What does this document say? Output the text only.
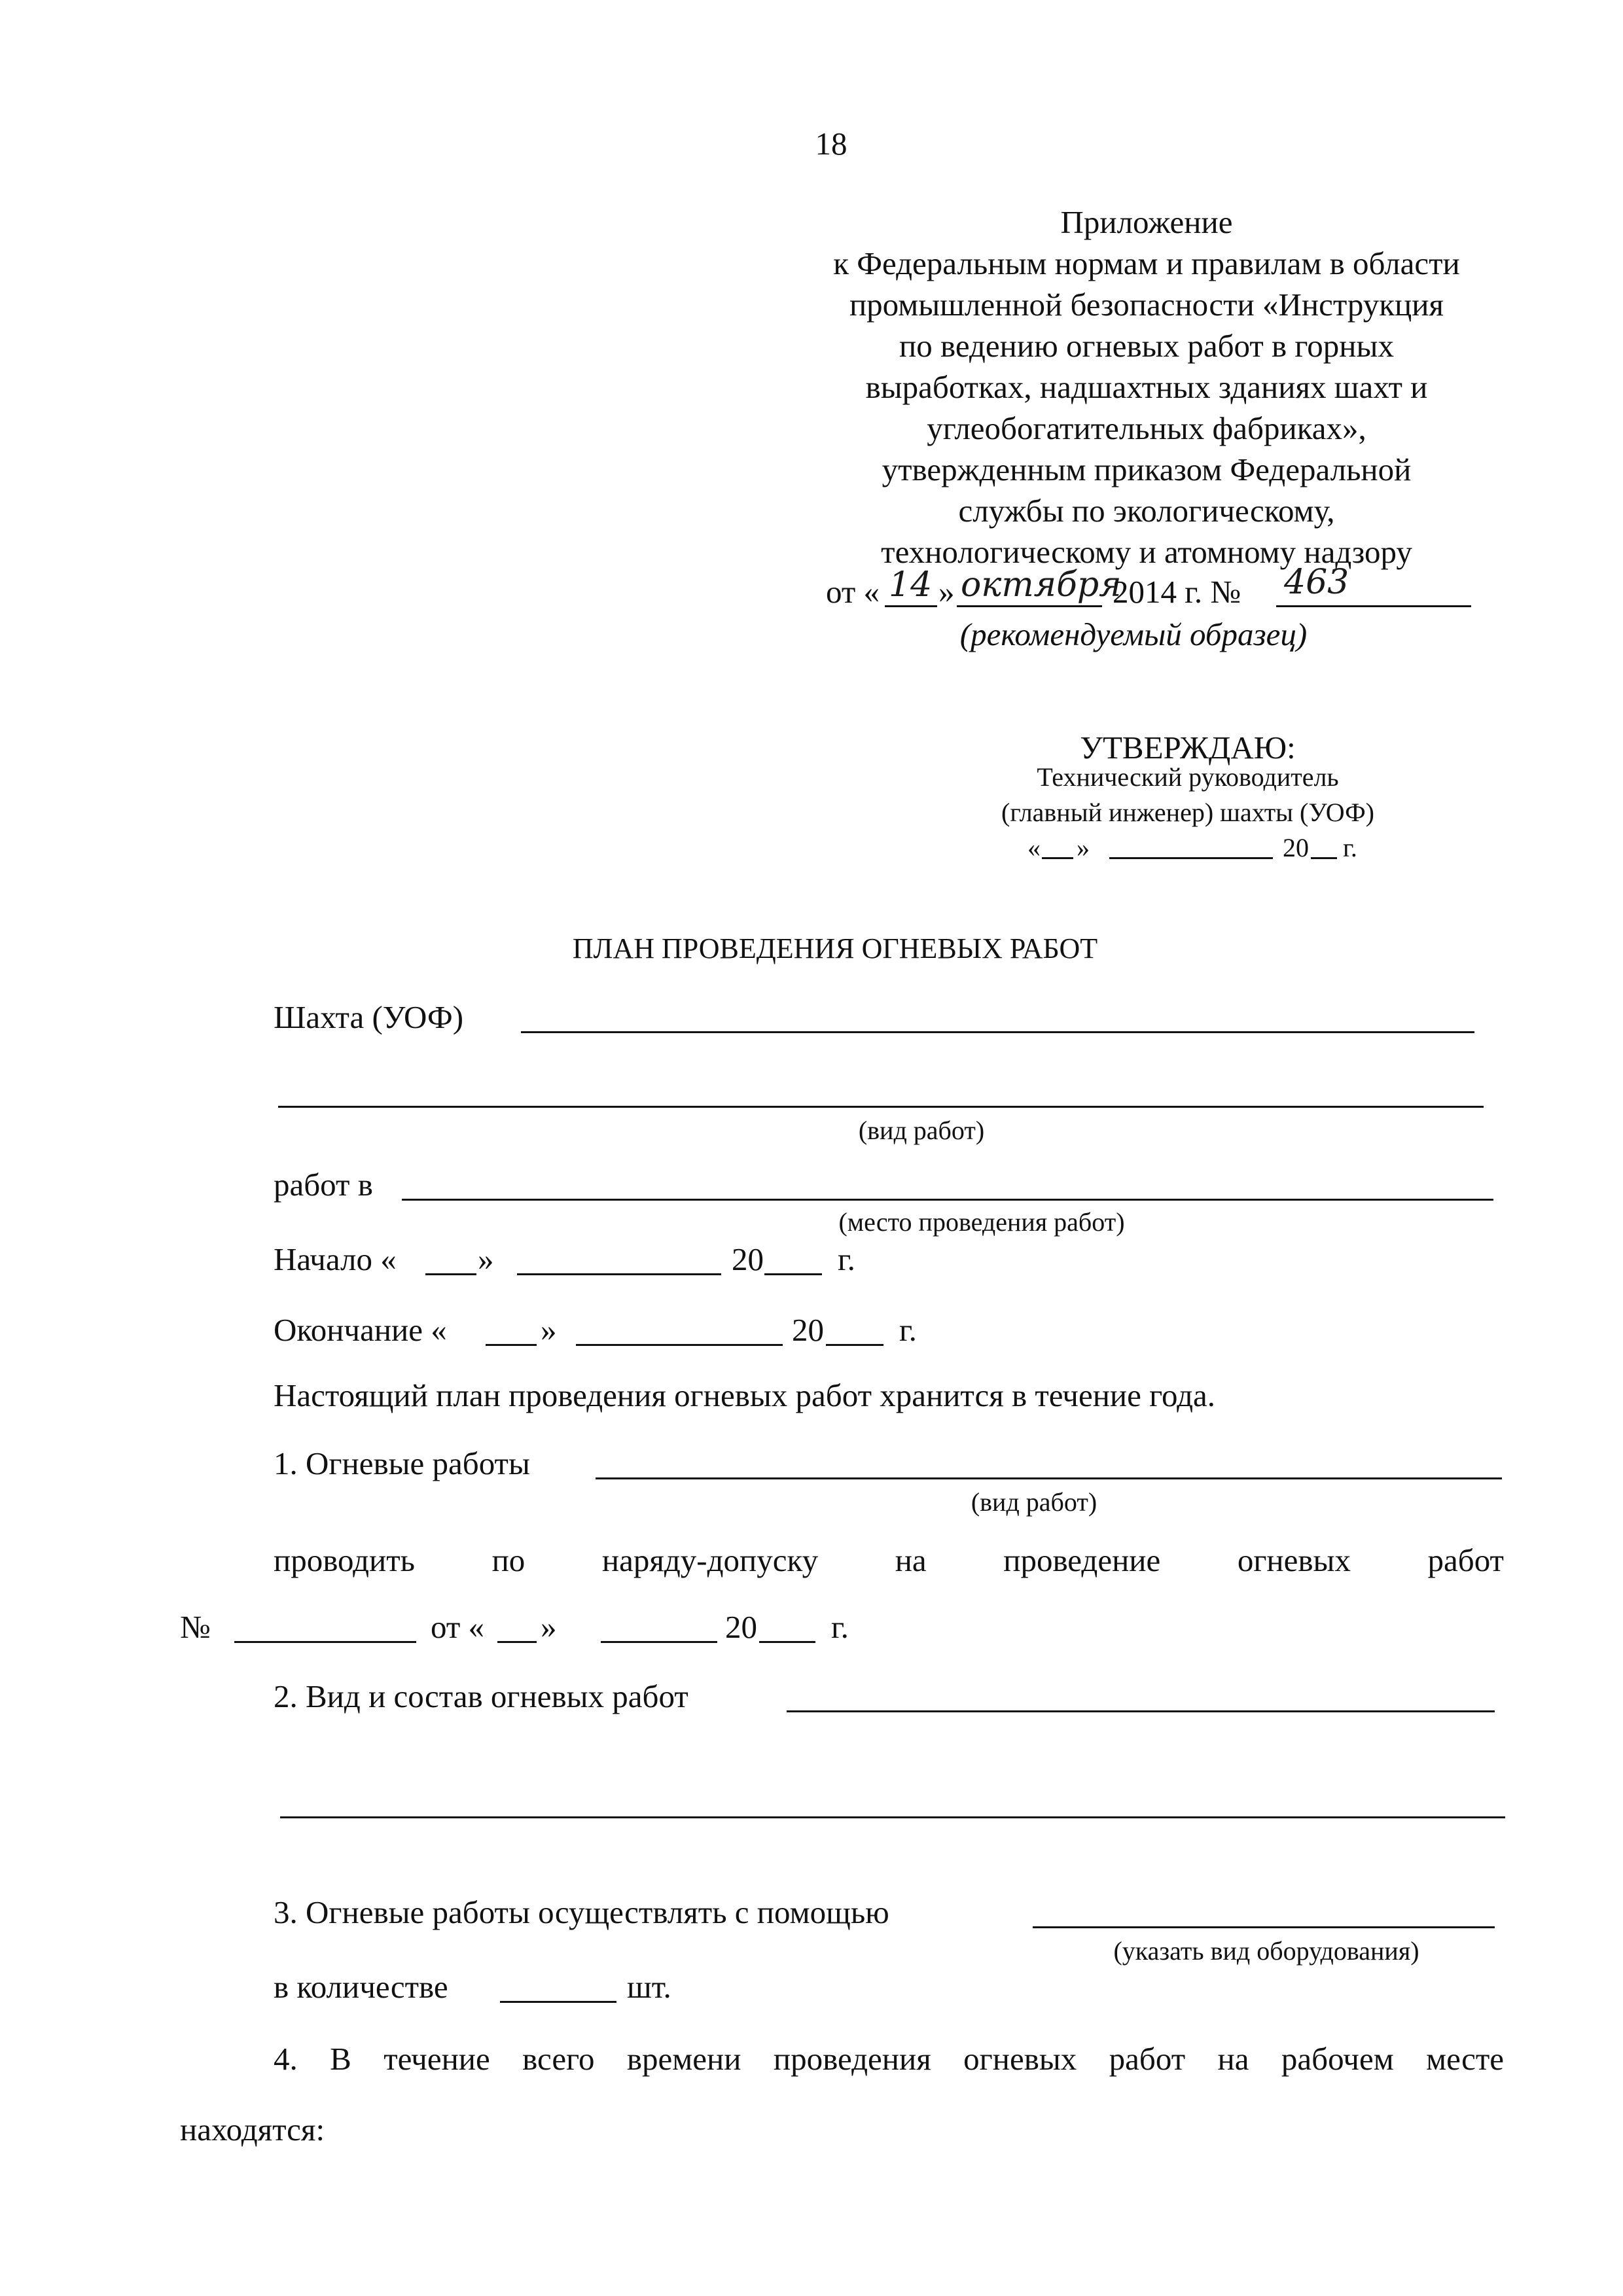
18
Приложение
к Федеральным нормам и правилам в области
промышленной безопасности «Инструкция
по ведению огневых работ в горных
выработках, надшахтных зданиях шахт и
углеобогатительных фабриках»,
утвержденным приказом Федеральной
службы по экологическому,
технологическому и атомному надзору
от « 14 » октября
2014 г. № 463
(рекомендуемый образец)
УТВЕРЖДАЮ:
Технический руководитель
(главный инженер) шахты (УОФ)
« »	20 г.
ПЛАН ПРОВЕДЕНИЯ ОГНЕВЫХ РАБОТ
Шахта (УОФ)
(вид работ)
работ в
(место проведения работ)
Начало «	»	20 г.
Окончание «	»	20 г.
Настоящий план проведения огневых работ хранится в течение года.
1. Огневые работы
(вид работ)
проводить по наряду-допуску на проведение огневых работ
№	от « »	20 г.
2. Вид и состав огневых работ
3. Огневые работы осуществлять с помощью
(указать вид оборудования)
в количестве	шт.
4. В течение всего времени проведения огневых работ на рабочем месте
находятся:
